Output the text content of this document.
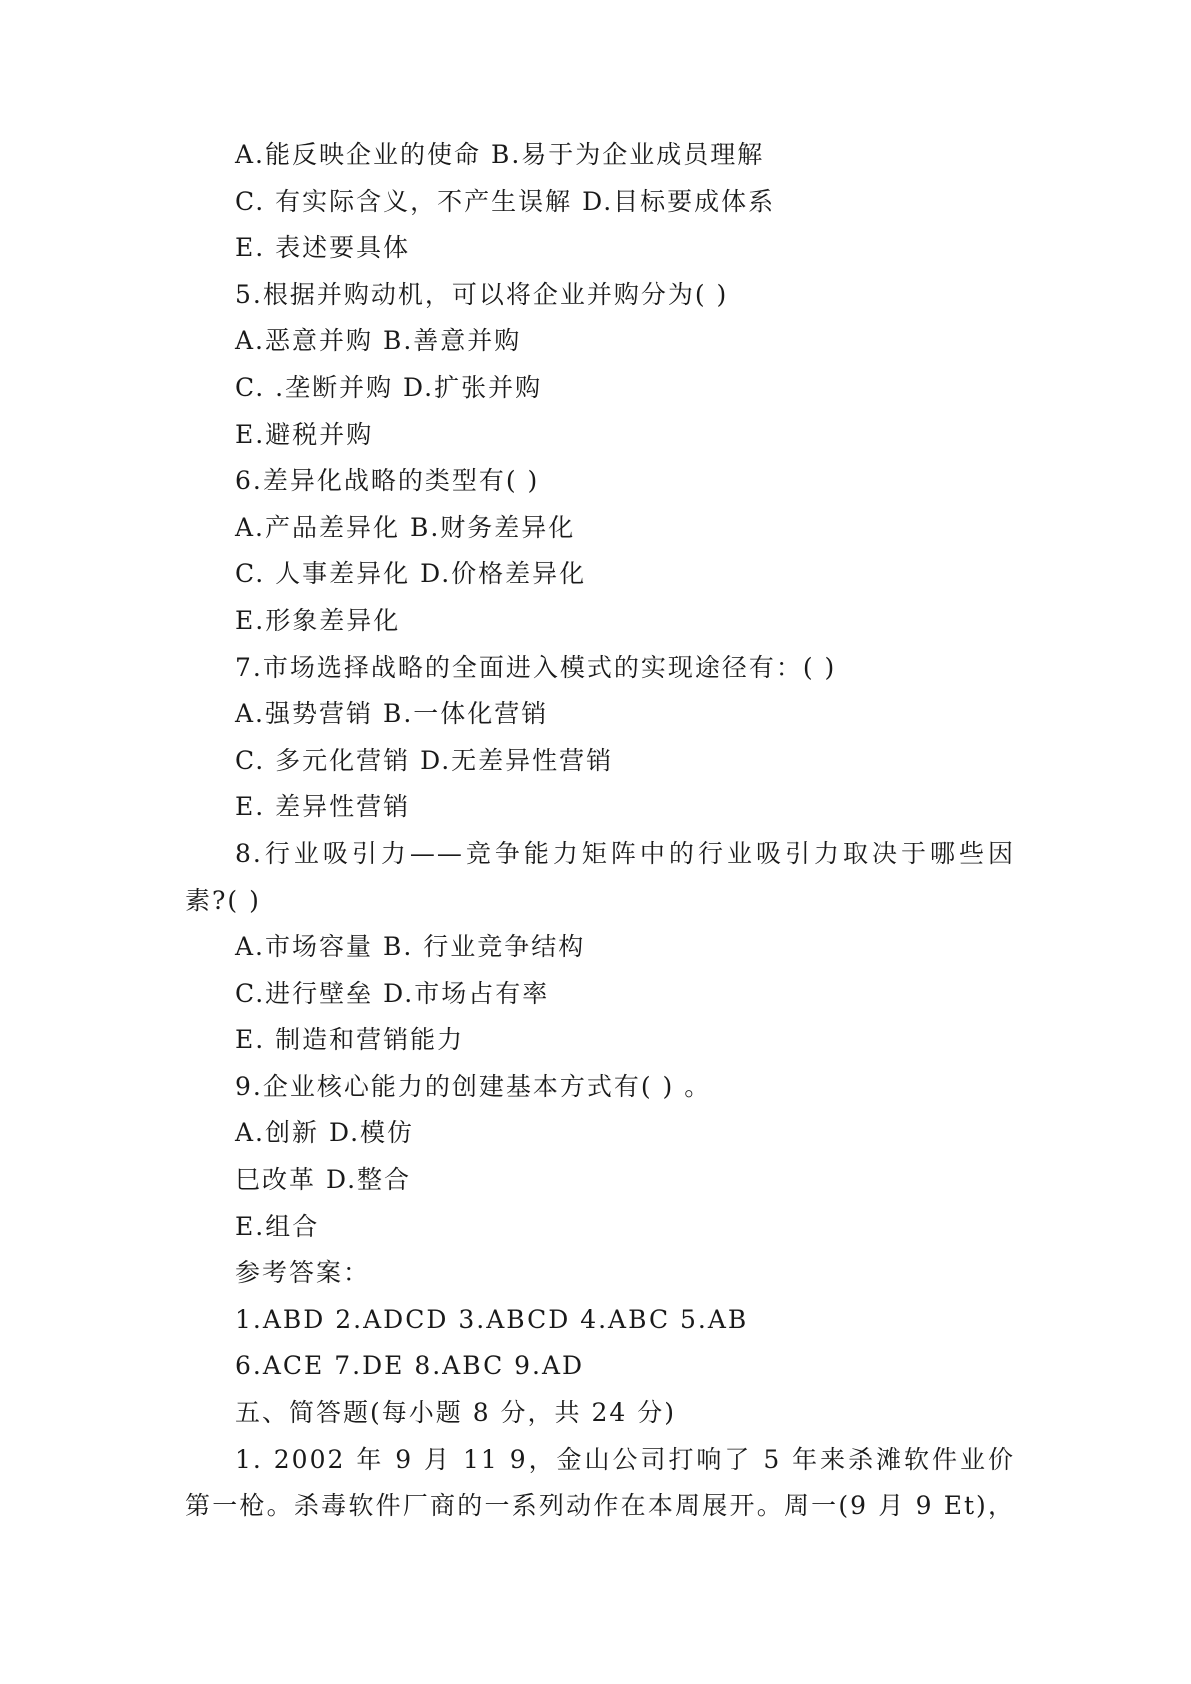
A.能反映企业的使命 B.易于为企业成员理解
C. 有实际含义，不产生误解 D.目标要成体系
E. 表述要具体
5.根据并购动机，可以将企业并购分为( )
A.恶意并购 B.善意并购
C. .垄断并购 D.扩张并购
E.避税并购
6.差异化战略的类型有( )
A.产品差异化 B.财务差异化
C. 人事差异化 D.价格差异化
E.形象差异化
7.市场选择战略的全面进入模式的实现途径有：( )
A.强势营销 B.一体化营销
C. 多元化营销 D.无差异性营销
E. 差异性营销
8.行业吸引力——竞争能力矩阵中的行业吸引力取决于哪些因
素?( )
A.市场容量 B. 行业竞争结构
C.进行壁垒 D.市场占有率
E. 制造和营销能力
9.企业核心能力的创建基本方式有( ) 。
A.创新 D.模仿
巳改革 D.整合
E.组合
参考答案：
1.ABD 2.ADCD 3.ABCD 4.ABC 5.AB
6.ACE 7.DE 8.ABC 9.AD
五、简答题(每小题 8 分，共 24 分)
1. 2002 年 9 月 11 9，金山公司打响了 5 年来杀滩软件业价
第一枪。杀毒软件厂商的一系列动作在本周展开。周一(9 月 9 Et)，
